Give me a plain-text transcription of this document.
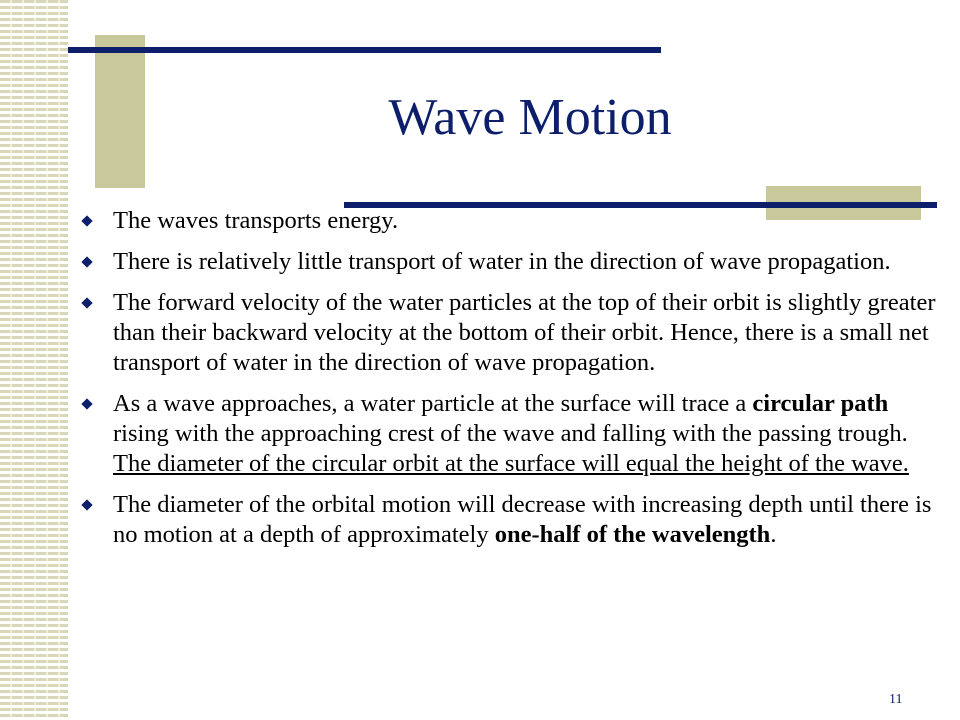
Wave Motion
The waves transports energy.
There is relatively little transport of water in the direction of wave propagation.
The forward velocity of the water particles at the top of their orbit is slightly greater than their backward velocity at the bottom of their orbit. Hence, there is a small net transport of water in the direction of wave propagation.
As a wave approaches, a water particle at the surface will trace a circular path rising with the approaching crest of the wave and falling with the passing trough. The diameter of the circular orbit at the surface will equal the height of the wave.
The diameter of the orbital motion will decrease with increasing depth until there is no motion at a depth of approximately one-half of the wavelength.
11
